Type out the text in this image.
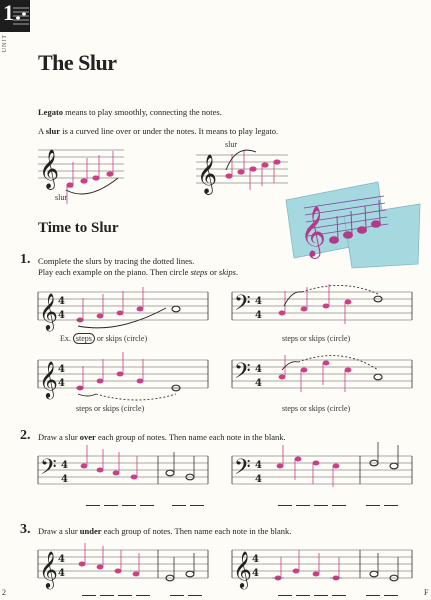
1
UNIT
The Slur
Legato means to play smoothly, connecting the notes.
A slur is a curved line over or under the notes. It means to play legato.
𝄞
slur
𝄞
slur
𝄞
Time to Slur
1. Complete the slurs by tracing the dotted lines.
Play each example on the piano. Then circle steps or skips.
𝄞 4
4
Ex. steps or skips (circle)
𝄢 4
4
steps or skips (circle)
𝄞 4
4
steps or skips (circle)
𝄢 4
4
steps or skips (circle)
2. Draw a slur over each group of notes. Then name each note in the blank.
𝄢 4
4	𝄢 4
4
3. Draw a slur under each group of notes. Then name each note in the blank.
𝄞 4
4	𝄞 4
4
2	F
